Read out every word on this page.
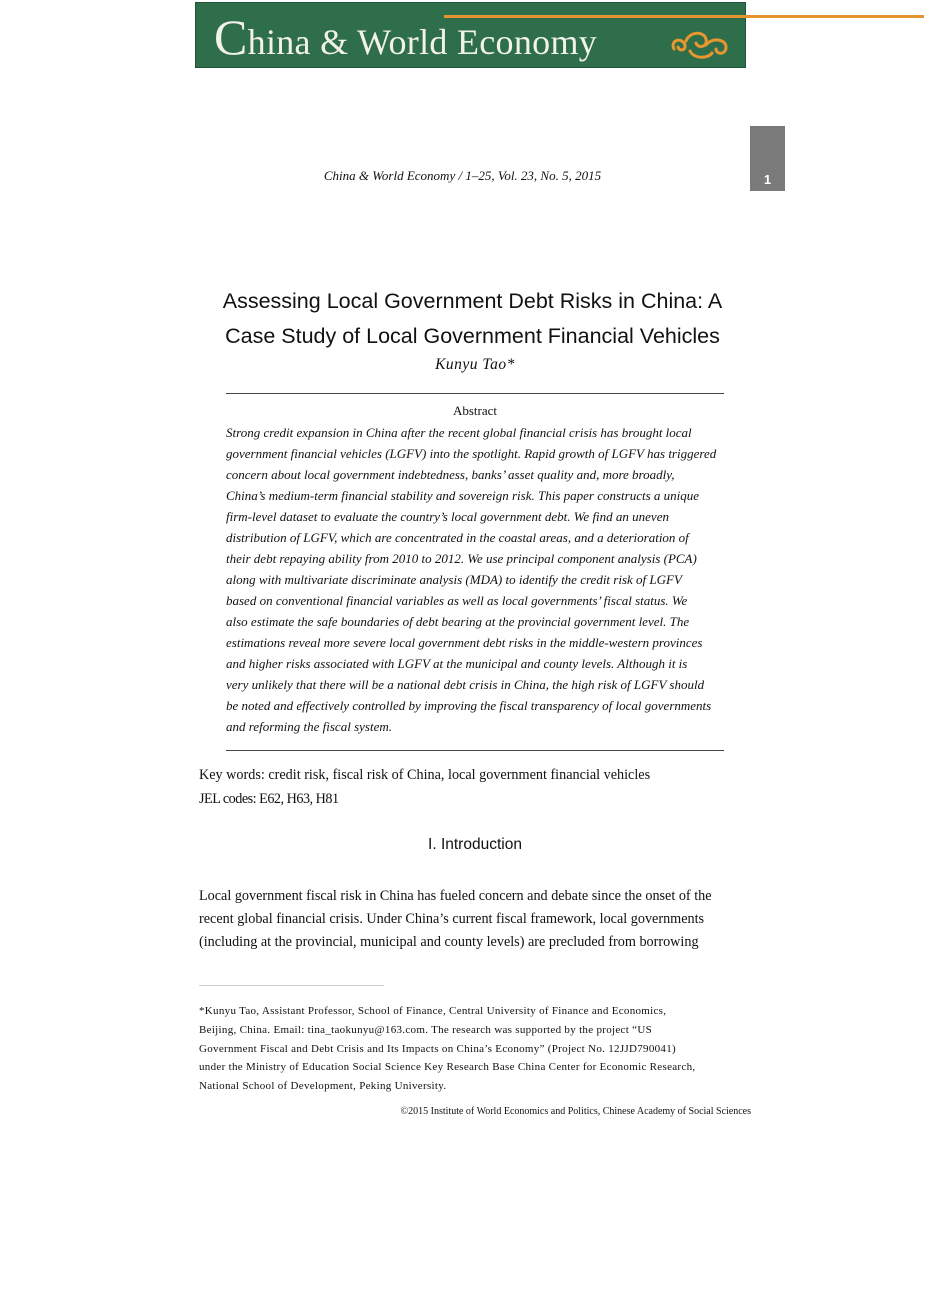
China & World Economy
1
China & World Economy / 1–25, Vol. 23, No. 5, 2015
Assessing Local Government Debt Risks in China: A
Case Study of Local Government Financial Vehicles
Kunyu Tao*
Abstract
Strong credit expansion in China after the recent global financial crisis has brought local
government financial vehicles (LGFV) into the spotlight. Rapid growth of LGFV has triggered
concern about local government indebtedness, banks’ asset quality and, more broadly,
China’s medium-term financial stability and sovereign risk. This paper constructs a unique
firm-level dataset to evaluate the country’s local government debt. We find an uneven
distribution of LGFV, which are concentrated in the coastal areas, and a deterioration of
their debt repaying ability from 2010 to 2012. We use principal component analysis (PCA)
along with multivariate discriminate analysis (MDA) to identify the credit risk of LGFV
based on conventional financial variables as well as local governments’ fiscal status. We
also estimate the safe boundaries of debt bearing at the provincial government level. The
estimations reveal more severe local government debt risks in the middle-western provinces
and higher risks associated with LGFV at the municipal and county levels. Although it is
very unlikely that there will be a national debt crisis in China, the high risk of LGFV should
be noted and effectively controlled by improving the fiscal transparency of local governments
and reforming the fiscal system.
Key words: credit risk, fiscal risk of China, local government financial vehicles
JEL codes: E62, H63, H81
I. Introduction
Local government fiscal risk in China has fueled concern and debate since the onset of the
recent global financial crisis. Under China’s current fiscal framework, local governments
(including at the provincial, municipal and county levels) are precluded from borrowing
*Kunyu Tao, Assistant Professor, School of Finance, Central University of Finance and Economics,
Beijing, China. Email: tina_taokunyu@163.com. The research was supported by the project “US
Government Fiscal and Debt Crisis and Its Impacts on China’s Economy” (Project No. 12JJD790041)
under the Ministry of Education Social Science Key Research Base China Center for Economic Research,
National School of Development, Peking University.
©2015 Institute of World Economics and Politics, Chinese Academy of Social Sciences
